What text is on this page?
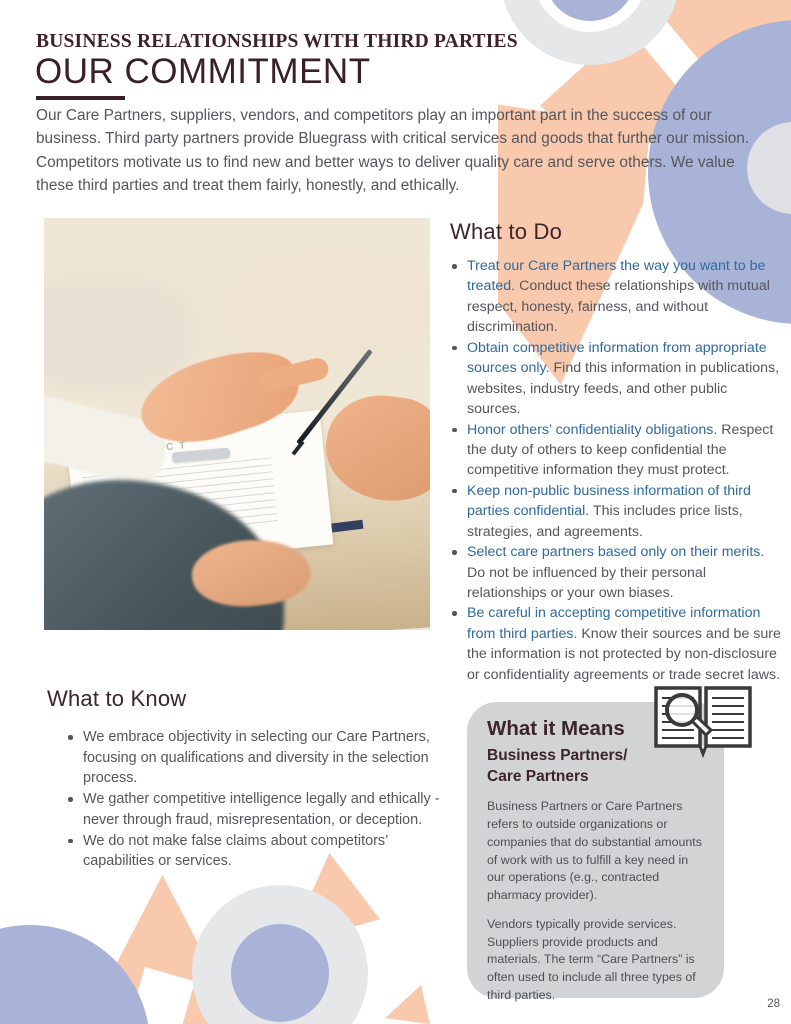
BUSINESS RELATIONSHIPS WITH THIRD PARTIES
OUR COMMITMENT

Our Care Partners, suppliers, vendors, and competitors play an important part in the success of our business. Third party partners provide Bluegrass with critical services and goods that further our mission. Competitors motivate us to find new and better ways to deliver quality care and serve others. We value these third parties and treat them fairly, honestly, and ethically.

What to Do
Treat our Care Partners the way you want to be treated. Conduct these relationships with mutual respect, honesty, fairness, and without discrimination.
Obtain competitive information from appropriate sources only. Find this information in publications, websites, industry feeds, and other public sources.
Honor others’ confidentiality obligations. Respect the duty of others to keep confidential the competitive information they must protect.
Keep non-public business information of third parties confidential. This includes price lists, strategies, and agreements.
Select care partners based only on their merits. Do not be influenced by their personal relationships or your own biases.
Be careful in accepting competitive information from third parties. Know their sources and be sure the information is not protected by non-disclosure or confidentiality agreements or trade secret laws.
What to Know
We embrace objectivity in selecting our Care Partners, focusing on qualifications and diversity in the selection process.
We gather competitive intelligence legally and ethically - never through fraud, misrepresentation, or deception.
We do not make false claims about competitors’ capabilities or services.
What it Means
Business Partners/
Care Partners

Business Partners or Care Partners refers to outside organizations or companies that do substantial amounts of work with us to fulfill a key need in our operations (e.g., contracted pharmacy provider).

Vendors typically provide services. Suppliers provide products and materials. The term “Care Partners” is often used to include all three types of third parties.

28
